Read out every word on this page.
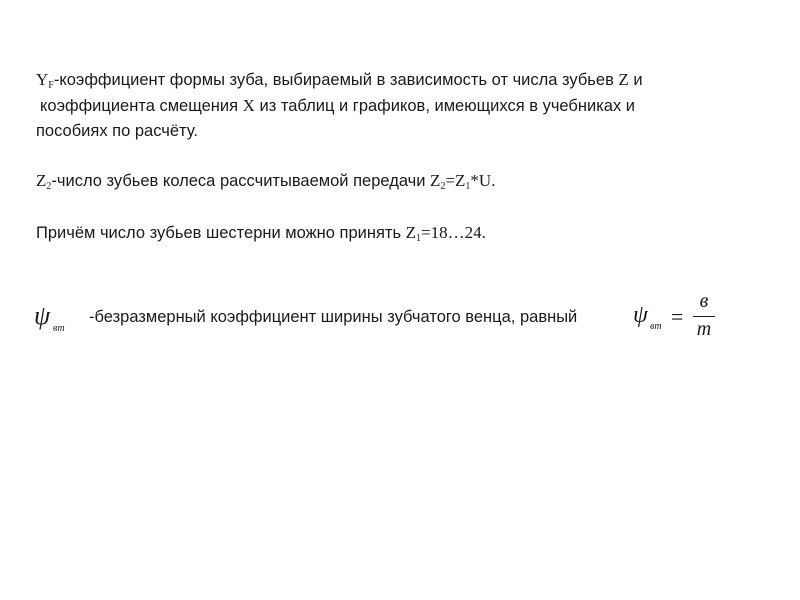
$Y_F$-коэффициент формы зуба, выбираемый в зависимость от числа зубьев Z и
коэффициента смещения X из таблиц и графиков, имеющихся в учебниках и
пособиях по расчёту.
$Z_2$-число зубьев колеса рассчитываемой передачи $Z_2=Z_1*U$.
Причём число зубьев шестерни можно принять $Z_1=18\dots 24$.
ψ вт
-безразмерный коэффициент ширины зубчатого венца, равный ψ вт =
в
m
